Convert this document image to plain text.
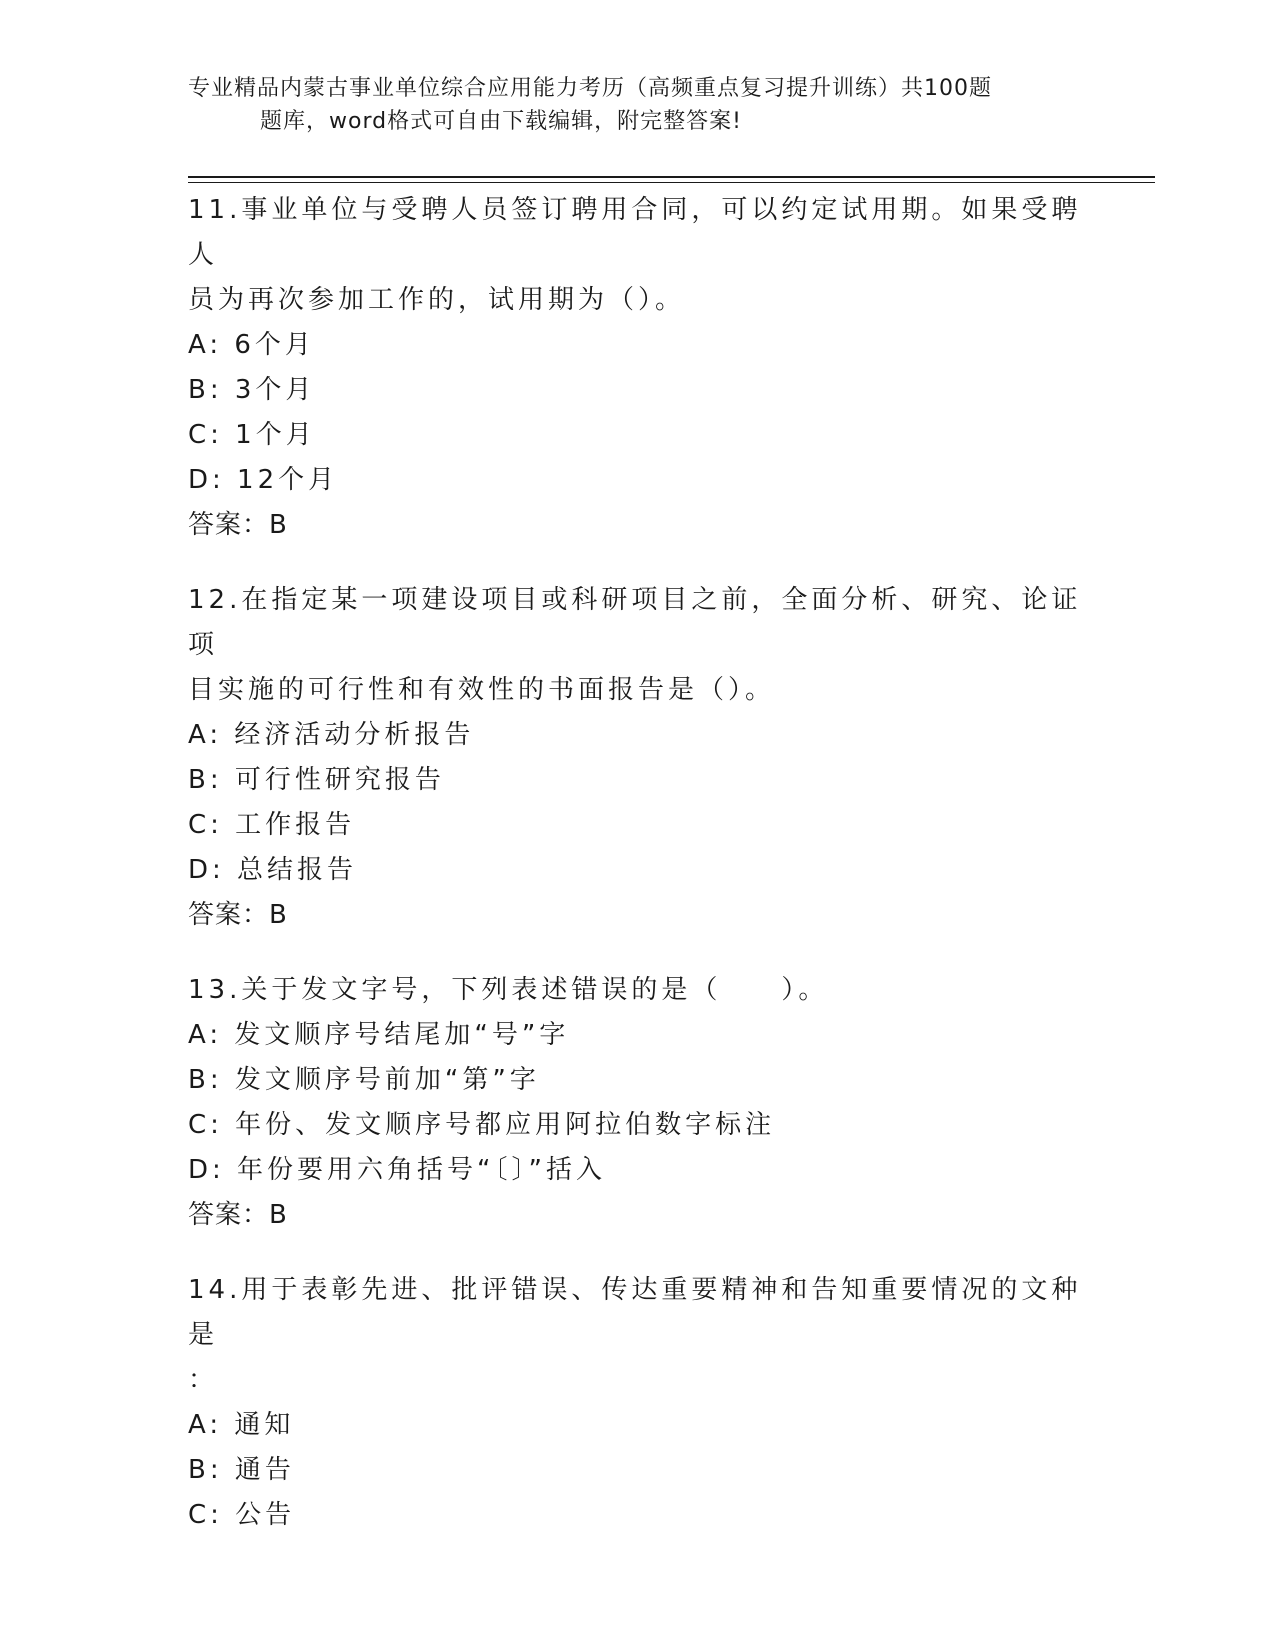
专业精品内蒙古事业单位综合应用能力考历（高频重点复习提升训练）共100题
题库，word格式可自由下载编辑，附完整答案!

11.事业单位与受聘人员签订聘用合同，可以约定试用期。如果受聘人

员为再次参加工作的，试用期为（）。

A: 6个月

B: 3个月

C: 1个月

D: 12个月

答案：B

12.在指定某一项建设项目或科研项目之前，全面分析、研究、论证项

目实施的可行性和有效性的书面报告是（）。

A: 经济活动分析报告

B: 可行性研究报告

C: 工作报告

D: 总结报告

答案：B

13.关于发文字号，下列表述错误的是（　　）。

A: 发文顺序号结尾加“号”字

B: 发文顺序号前加“第”字

C: 年份、发文顺序号都应用阿拉伯数字标注

D: 年份要用六角括号“〔〕”括入

答案：B

14.用于表彰先进、批评错误、传达重要精神和告知重要情况的文种是

：

A: 通知

B: 通告

C: 公告
